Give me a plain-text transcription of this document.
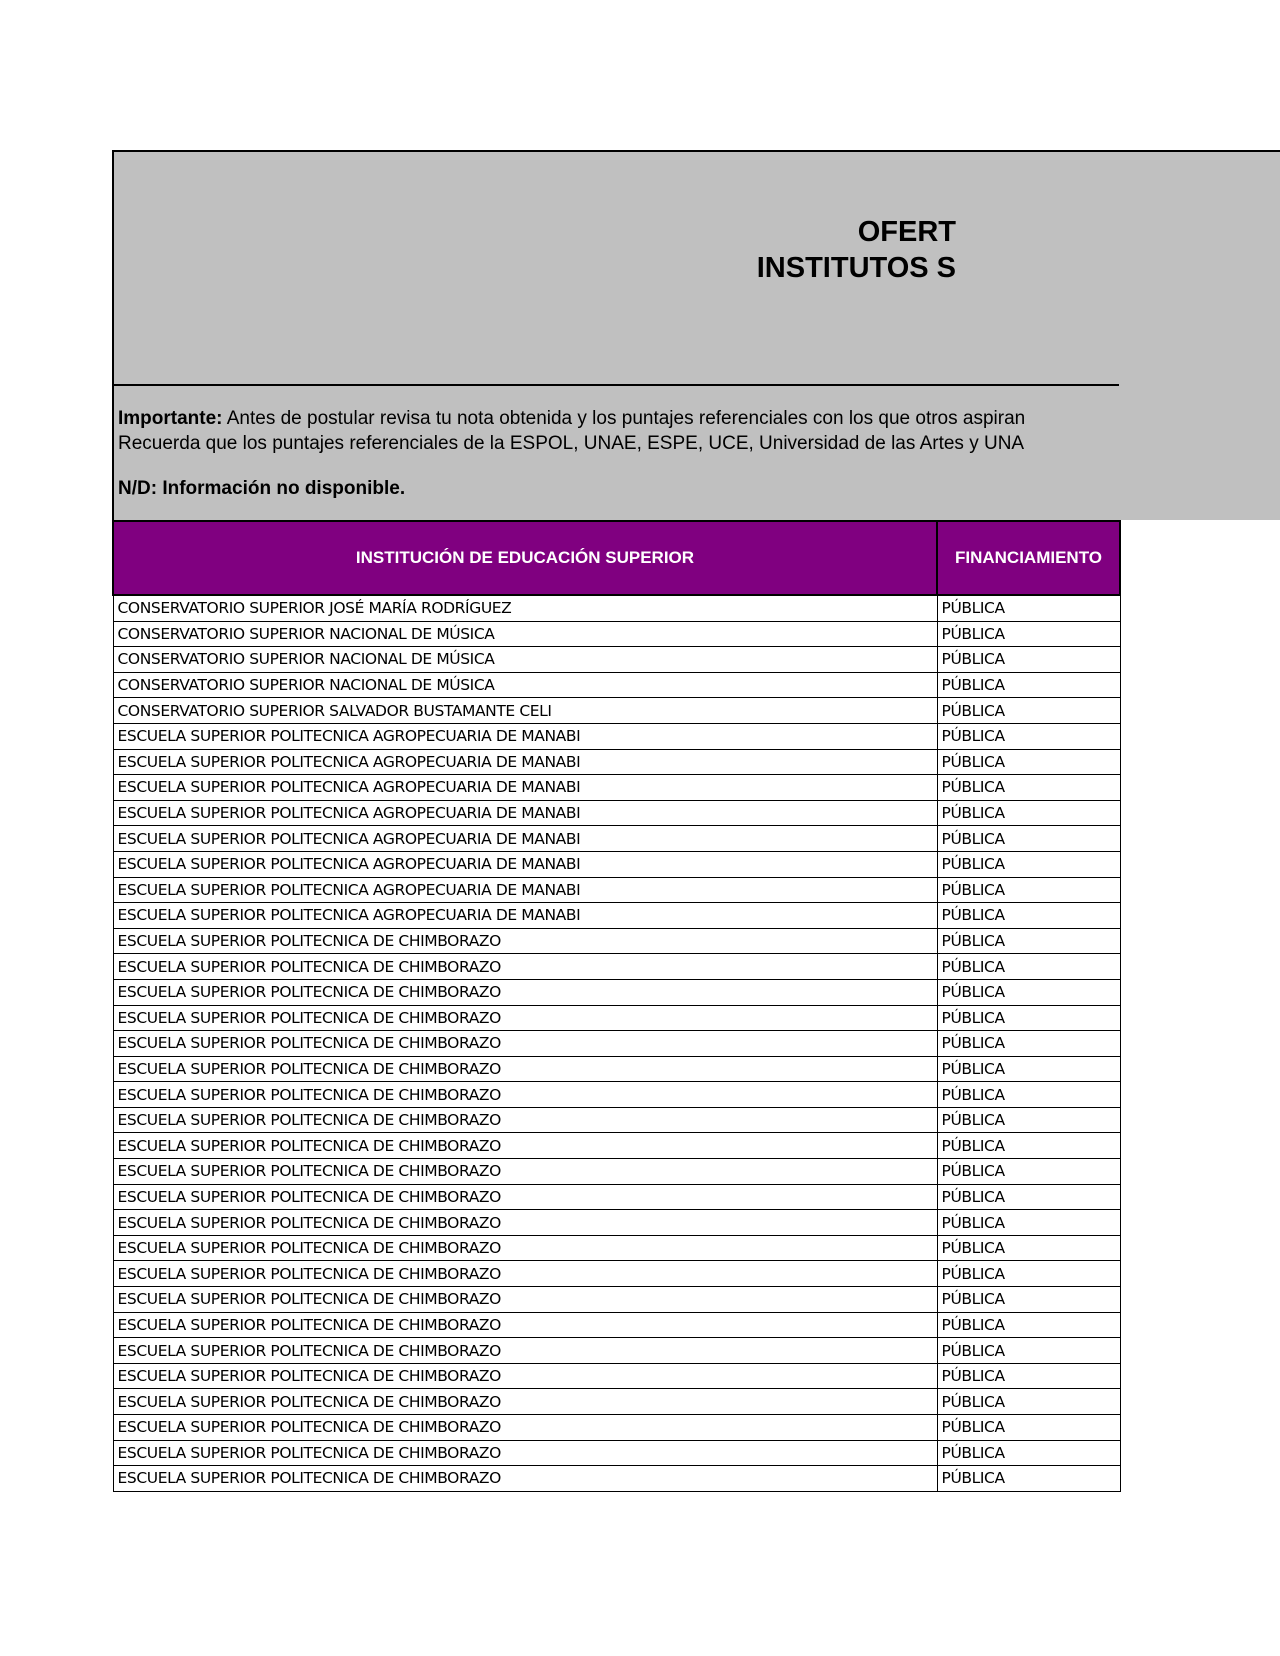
OFERT
INSTITUTOS S
Importante: Antes de postular revisa tu nota obtenida y los puntajes referenciales con los que otros aspiran
Recuerda que los puntajes referenciales de la ESPOL, UNAE, ESPE, UCE, Universidad de las Artes y UNA
N/D: Información no disponible.
INSTITUCIÓN DE EDUCACIÓN SUPERIOR	FINANCIAMIENTO
CONSERVATORIO SUPERIOR JOSÉ MARÍA RODRÍGUEZ	PÚBLICA
CONSERVATORIO SUPERIOR NACIONAL DE MÚSICA	PÚBLICA
CONSERVATORIO SUPERIOR NACIONAL DE MÚSICA	PÚBLICA
CONSERVATORIO SUPERIOR NACIONAL DE MÚSICA	PÚBLICA
CONSERVATORIO SUPERIOR SALVADOR BUSTAMANTE CELI	PÚBLICA
ESCUELA SUPERIOR POLITECNICA AGROPECUARIA DE MANABI	PÚBLICA
ESCUELA SUPERIOR POLITECNICA AGROPECUARIA DE MANABI	PÚBLICA
ESCUELA SUPERIOR POLITECNICA AGROPECUARIA DE MANABI	PÚBLICA
ESCUELA SUPERIOR POLITECNICA AGROPECUARIA DE MANABI	PÚBLICA
ESCUELA SUPERIOR POLITECNICA AGROPECUARIA DE MANABI	PÚBLICA
ESCUELA SUPERIOR POLITECNICA AGROPECUARIA DE MANABI	PÚBLICA
ESCUELA SUPERIOR POLITECNICA AGROPECUARIA DE MANABI	PÚBLICA
ESCUELA SUPERIOR POLITECNICA AGROPECUARIA DE MANABI	PÚBLICA
ESCUELA SUPERIOR POLITECNICA DE CHIMBORAZO	PÚBLICA
ESCUELA SUPERIOR POLITECNICA DE CHIMBORAZO	PÚBLICA
ESCUELA SUPERIOR POLITECNICA DE CHIMBORAZO	PÚBLICA
ESCUELA SUPERIOR POLITECNICA DE CHIMBORAZO	PÚBLICA
ESCUELA SUPERIOR POLITECNICA DE CHIMBORAZO	PÚBLICA
ESCUELA SUPERIOR POLITECNICA DE CHIMBORAZO	PÚBLICA
ESCUELA SUPERIOR POLITECNICA DE CHIMBORAZO	PÚBLICA
ESCUELA SUPERIOR POLITECNICA DE CHIMBORAZO	PÚBLICA
ESCUELA SUPERIOR POLITECNICA DE CHIMBORAZO	PÚBLICA
ESCUELA SUPERIOR POLITECNICA DE CHIMBORAZO	PÚBLICA
ESCUELA SUPERIOR POLITECNICA DE CHIMBORAZO	PÚBLICA
ESCUELA SUPERIOR POLITECNICA DE CHIMBORAZO	PÚBLICA
ESCUELA SUPERIOR POLITECNICA DE CHIMBORAZO	PÚBLICA
ESCUELA SUPERIOR POLITECNICA DE CHIMBORAZO	PÚBLICA
ESCUELA SUPERIOR POLITECNICA DE CHIMBORAZO	PÚBLICA
ESCUELA SUPERIOR POLITECNICA DE CHIMBORAZO	PÚBLICA
ESCUELA SUPERIOR POLITECNICA DE CHIMBORAZO	PÚBLICA
ESCUELA SUPERIOR POLITECNICA DE CHIMBORAZO	PÚBLICA
ESCUELA SUPERIOR POLITECNICA DE CHIMBORAZO	PÚBLICA
ESCUELA SUPERIOR POLITECNICA DE CHIMBORAZO	PÚBLICA
ESCUELA SUPERIOR POLITECNICA DE CHIMBORAZO	PÚBLICA
ESCUELA SUPERIOR POLITECNICA DE CHIMBORAZO	PÚBLICA
